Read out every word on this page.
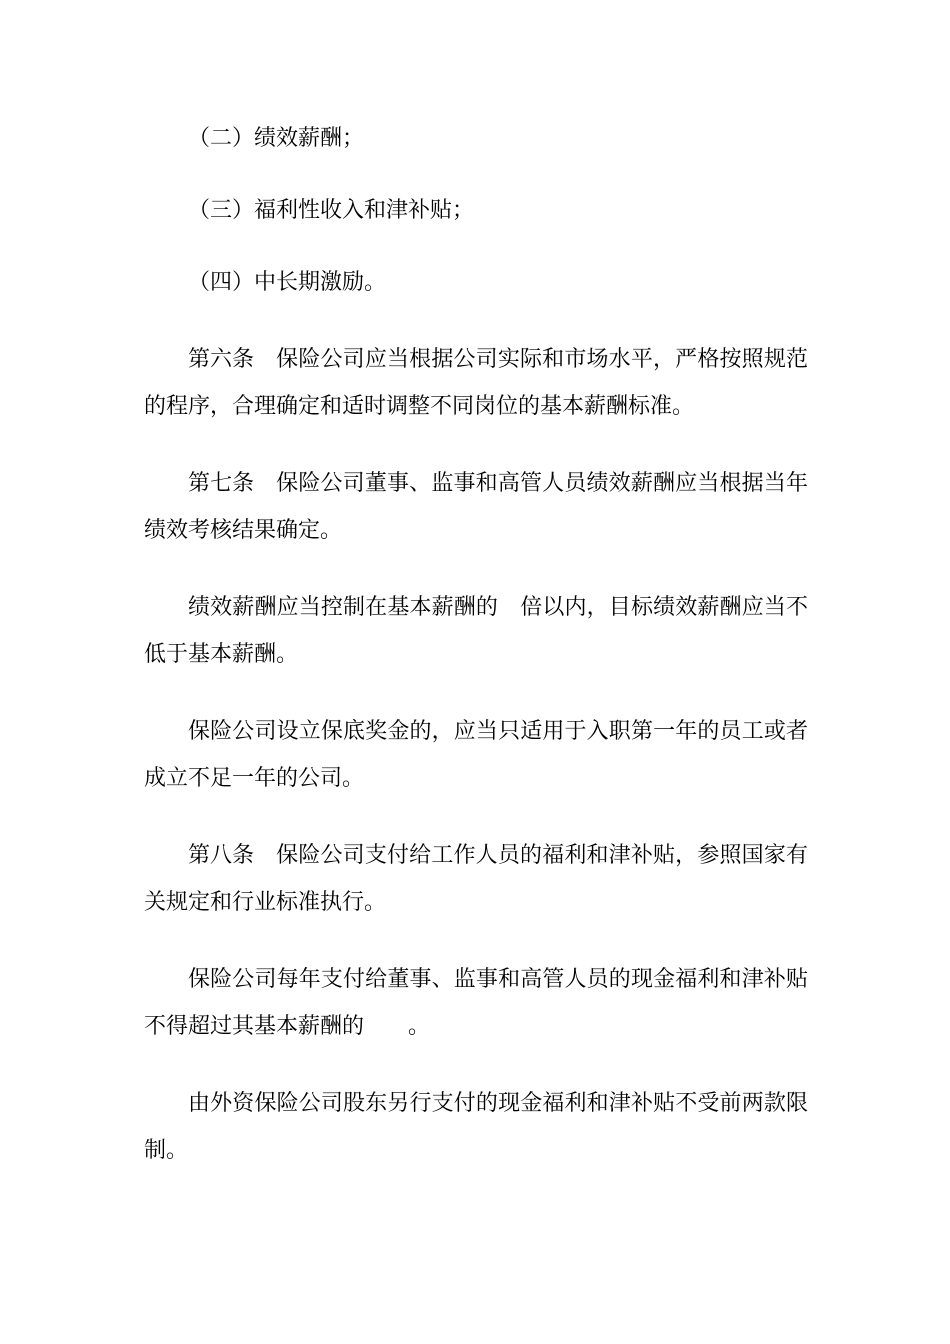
（二）绩效薪酬；

（三）福利性收入和津补贴；

（四）中长期激励。

第六条 保险公司应当根据公司实际和市场水平，严格按照规范的程序，合理确定和适时调整不同岗位的基本薪酬标准。

第七条 保险公司董事、监事和高管人员绩效薪酬应当根据当年绩效考核结果确定。

绩效薪酬应当控制在基本薪酬的　倍以内，目标绩效薪酬应当不低于基本薪酬。

保险公司设立保底奖金的，应当只适用于入职第一年的员工或者成立不足一年的公司。

第八条 保险公司支付给工作人员的福利和津补贴，参照国家有关规定和行业标准执行。

保险公司每年支付给董事、监事和高管人员的现金福利和津补贴不得超过其基本薪酬的　　。

由外资保险公司股东另行支付的现金福利和津补贴不受前两款限制。
